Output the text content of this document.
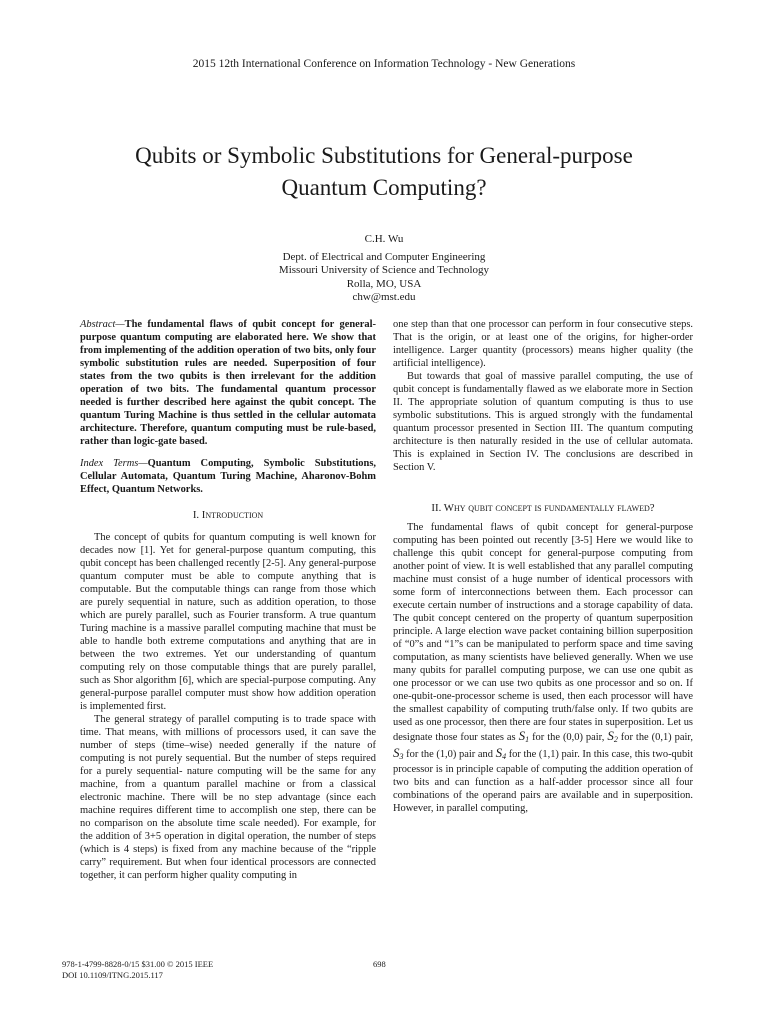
2015 12th International Conference on Information Technology - New Generations
Qubits or Symbolic Substitutions for General-purpose
Quantum Computing?
C.H. Wu
Dept. of Electrical and Computer Engineering
Missouri University of Science and Technology
Rolla, MO, USA
chw@mst.edu

Abstract—The fundamental flaws of qubit concept for general-purpose quantum computing are elaborated here. We show that from implementing of the addition operation of two bits, only four symbolic substitution rules are needed. Superposition of four states from the two qubits is then irrelevant for the addition operation of two bits. The fundamental quantum processor needed is further described here against the qubit concept. The quantum Turing Machine is thus settled in the cellular automata architecture. Therefore, quantum computing must be rule-based, rather than logic-gate based.

Index Terms—Quantum Computing, Symbolic Substitutions, Cellular Automata, Quantum Turing Machine, Aharonov-Bohm Effect, Quantum Networks.

I. Introduction

The concept of qubits for quantum computing is well known for decades now [1]. Yet for general-purpose quantum computing, this qubit concept has been challenged recently [2-5]. Any general-purpose quantum computer must be able to compute anything that is computable. But the computable things can range from those which are purely sequential in nature, such as addition operation, to those which are purely parallel, such as Fourier transform. A true quantum Turing machine is a massive parallel computing machine that must be able to handle both extreme computations and anything that are in between the two extremes. Yet our understanding of quantum computing rely on those computable things that are purely parallel, such as Shor algorithm [6], which are special-purpose computing. Any general-purpose parallel computer must show how addition operation is implemented first.

The general strategy of parallel computing is to trade space with time. That means, with millions of processors used, it can save the number of steps (time–wise) needed generally if the nature of computing is not purely sequential. But the number of steps required for a purely sequential- nature computing will be the same for any machine, from a quantum parallel machine or from a classical electronic machine. There will be no step advantage (since each machine requires different time to accomplish one step, there can be no comparison on the absolute time scale needed). For example, for the addition of 3+5 operation in digital operation, the number of steps (which is 4 steps) is fixed from any machine because of the “ripple carry” requirement. But when four identical processors are connected together, it can perform higher quality computing in

one step than that one processor can perform in four consecutive steps. That is the origin, or at least one of the origins, for higher-order intelligence. Larger quantity (processors) means higher quality (the artificial intelligence).

But towards that goal of massive parallel computing, the use of qubit concept is fundamentally flawed as we elaborate more in Section II. The appropriate solution of quantum computing is thus to use symbolic substitutions. This is argued strongly with the fundamental quantum processor presented in Section III. The quantum computing architecture is then naturally resided in the use of cellular automata. This is explained in Section IV. The conclusions are described in Section V.

II. Why qubit concept is fundamentally flawed?

The fundamental flaws of qubit concept for general-purpose computing has been pointed out recently [3-5] Here we would like to challenge this qubit concept for general-purpose computing from another point of view. It is well established that any parallel computing machine must consist of a huge number of identical processors with some form of interconnections between them. Each processor can execute certain number of instructions and a storage capability of data. The qubit concept centered on the property of quantum superposition principle. A large election wave packet containing billion superposition of “0”s and “1”s can be manipulated to perform space and time saving computation, as many scientists have believed generally. When we use many qubits for parallel computing purpose, we can use one qubit as one processor or we can use two qubits as one processor and so on. If one-qubit-one-processor scheme is used, then each processor will have the smallest capability of computing truth/false only. If two qubits are used as one processor, then there are four states in superposition. Let us designate those four states as $S_1$ for the (0,0) pair, $S_2$ for the (0,1) pair, $S_3$ for the (1,0) pair and $S_4$ for the (1,1) pair. In this case, this two-qubit processor is in principle capable of computing the addition operation of two bits and can function as a half-adder processor since all four combinations of the operand pairs are available and in superposition. However, in parallel computing,

978-1-4799-8828-0/15 $31.00 © 2015 IEEE
DOI 10.1109/ITNG.2015.117
698
